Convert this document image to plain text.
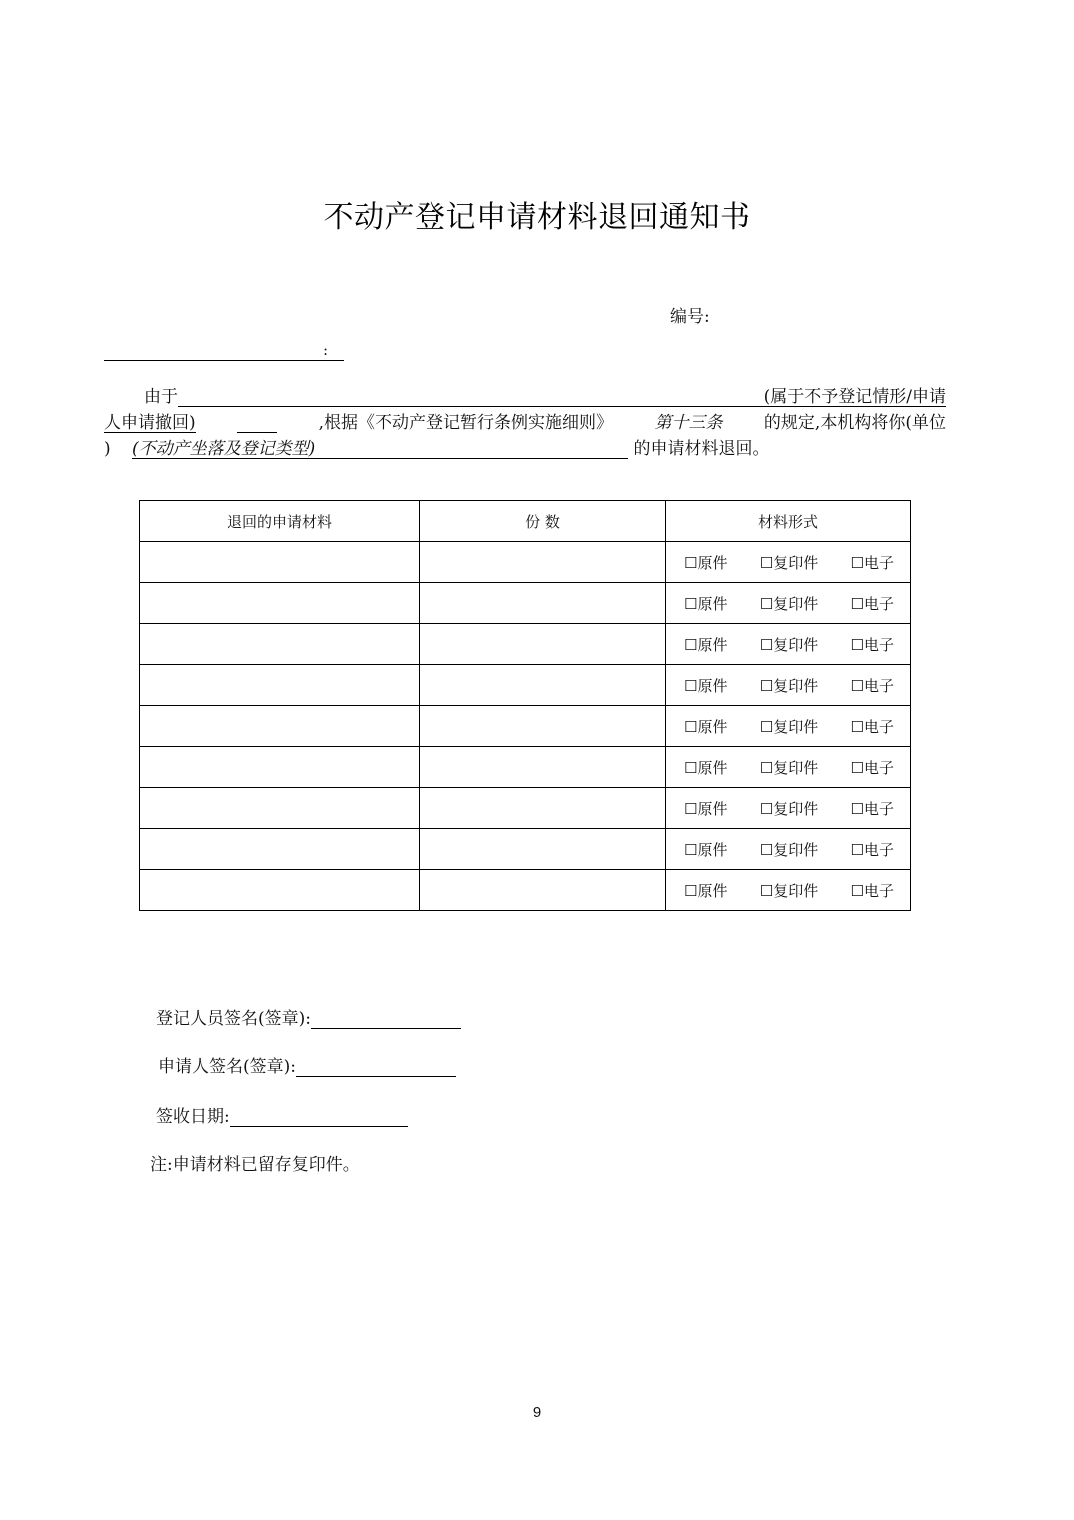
不动产登记申请材料退回通知书
编号:
:
由于	(属于不予登记情形/申请
人申请撤回)	,根据《不动产登记暂行条例实施细则》 第十三条 的规定,本机构将你(单位
) (不动产坐落及登记类型)	的申请材料退回。
退回的申请材料	份 数	材料形式

		☐原件 ☐复印件 ☐电子

		☐原件 ☐复印件 ☐电子

		☐原件 ☐复印件 ☐电子

		☐原件 ☐复印件 ☐电子

		☐原件 ☐复印件 ☐电子

		☐原件 ☐复印件 ☐电子

		☐原件 ☐复印件 ☐电子

		☐原件 ☐复印件 ☐电子

		☐原件 ☐复印件 ☐电子
登记人员签名(签章):
申请人签名(签章):
签收日期:
注:申请材料已留存复印件。
9
